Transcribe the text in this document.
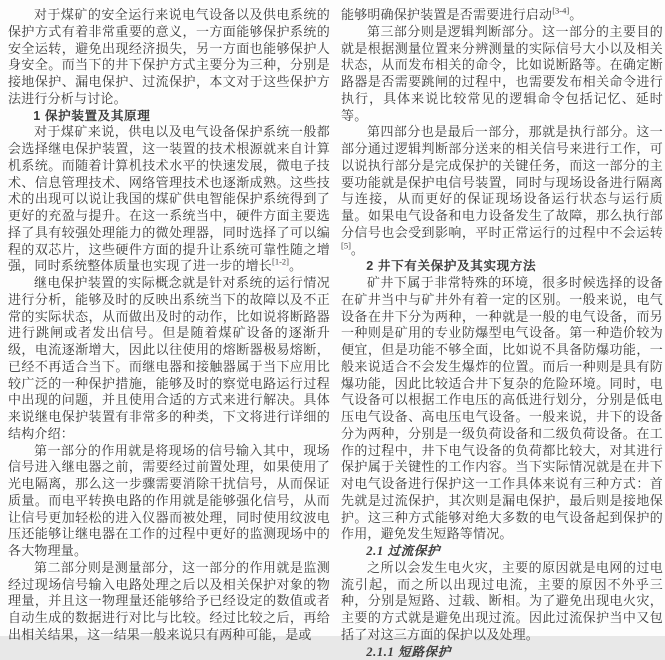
对于煤矿的安全运行来说电气设备以及供电系统的保护方式有着非常重要的意义，一方面能够保护系统的安全运转，避免出现经济损失，另一方面也能够保护人身安全。而当下的井下保护方式主要分为三种，分别是接地保护、漏电保护、过流保护，本文对于这些保护方法进行分析与讨论。
1 保护装置及其原理
对于煤矿来说，供电以及电气设备保护系统一般都会选择继电保护装置，这一装置的技术根源就来自计算机系统。而随着计算机技术水平的快速发展，微电子技术、信息管理技术、网络管理技术也逐渐成熟。这些技术的出现可以说让我国的煤矿供电智能保护系统得到了更好的充盈与提升。在这一系统当中，硬件方面主要选择了具有较强处理能力的微处理器，同时选择了可以编程的双芯片，这些硬件方面的提升让系统可靠性随之增强，同时系统整体质量也实现了进一步的增长[1-2]。
继电保护装置的实际概念就是针对系统的运行情况进行分析，能够及时的反映出系统当下的故障以及不正常的实际状态，从而做出及时的动作，比如说将断路器进行跳闸或者发出信号。但是随着煤矿设备的逐渐升级，电流逐渐增大，因此以往使用的熔断器极易熔断，已经不再适合当下。而继电器和接触器属于当下应用比较广泛的一种保护措施，能够及时的察觉电路运行过程中出现的问题，并且使用合适的方式来进行解决。具体来说继电保护装置有非常多的种类，下文将进行详细的结构介绍：
第一部分的作用就是将现场的信号输入其中，现场信号进入继电器之前，需要经过前置处理，如果使用了光电隔离，那么这一步骤需要消除干扰信号，从而保证质量。而电平转换电路的作用就是能够强化信号，从而让信号更加轻松的进入仪器而被处理，同时使用纹波电压还能够让继电器在工作的过程中更好的监测现场中的各大物理量。
第二部分则是测量部分，这一部分的作用就是监测经过现场信号输入电路处理之后以及相关保护对象的物理量，并且这一物理量还能够给予已经设定的数值或者自动生成的数据进行对比与比较。经过比较之后，再给出相关结果，这一结果一般来说只有两种可能，是或
能够明确保护装置是否需要进行启动[3-4]。
第三部分则是逻辑判断部分。这一部分的主要目的就是根据测量位置来分辨测量的实际信号大小以及相关状态，从而发布相关的命令，比如说断路等。在确定断路器是否需要跳闸的过程中，也需要发布相关命令进行执行，具体来说比较常见的逻辑命令包括记忆、延时等。
第四部分也是最后一部分，那就是执行部分。这一部分通过逻辑判断部分送来的相关信号来进行工作，可以说执行部分是完成保护的关键任务，而这一部分的主要功能就是保护电信号装置，同时与现场设备进行隔离与连接，从而更好的保证现场设备运行状态与运行质量。如果电气设备和电力设备发生了故障，那么执行部分信号也会受到影响，平时正常运行的过程中不会运转[5]。
2 井下有关保护及其实现方法
矿井下属于非常特殊的环境，很多时候选择的设备在矿井当中与矿井外有着一定的区别。一般来说，电气设备在井下分为两种，一种就是一般的电气设备，而另一种则是矿用的专业防爆型电气设备。第一种造价较为便宜，但是功能不够全面，比如说不具备防爆功能，一般来说适合不会发生爆炸的位置。而后一种则是具有防爆功能，因此比较适合井下复杂的危险环境。同时，电气设备可以根据工作电压的高低进行划分，分别是低电压电气设备、高电压电气设备。一般来说，井下的设备分为两种，分别是一级负荷设备和二级负荷设备。在工作的过程中，井下电气设备的负荷都比较大，对其进行保护属于关键性的工作内容。当下实际情况就是在井下对电气设备进行保护这一工作具体来说有三种方式：首先就是过流保护，其次则是漏电保护，最后则是接地保护。这三种方式能够对绝大多数的电气设备起到保护的作用，避免发生短路等情况。
2.1 过流保护
之所以会发生电火灾，主要的原因就是电网的过电流引起，而之所以出现过电流，主要的原因不外乎三种，分别是短路、过载、断相。为了避免出现电火灾，主要的方式就是避免出现过流。因此过流保护当中又包括了对这三方面的保护以及处理。
2.1.1 短路保护
